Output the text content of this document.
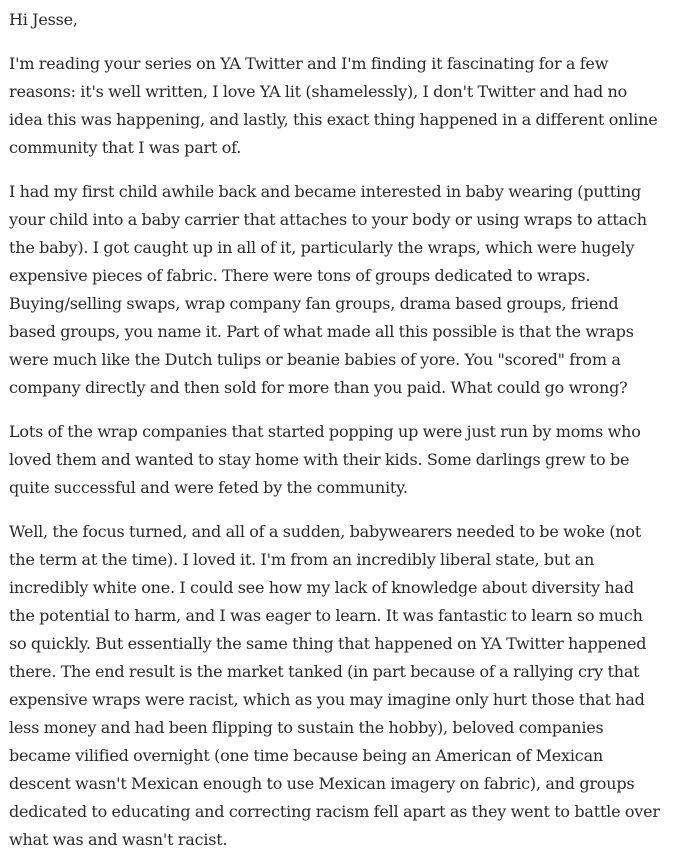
Hi Jesse,

I'm reading your series on YA Twitter and I'm finding it fascinating for a few reasons: it's well written, I love YA lit (shamelessly), I don't Twitter and had no idea this was happening, and lastly, this exact thing happened in a different online community that I was part of.

I had my first child awhile back and became interested in baby wearing (putting your child into a baby carrier that attaches to your body or using wraps to attach the baby). I got caught up in all of it, particularly the wraps, which were hugely expensive pieces of fabric. There were tons of groups dedicated to wraps. Buying/selling swaps, wrap company fan groups, drama based groups, friend based groups, you name it. Part of what made all this possible is that the wraps were much like the Dutch tulips or beanie babies of yore. You "scored" from a company directly and then sold for more than you paid. What could go wrong?

Lots of the wrap companies that started popping up were just run by moms who loved them and wanted to stay home with their kids. Some darlings grew to be quite successful and were feted by the community.

Well, the focus turned, and all of a sudden, babywearers needed to be woke (not the term at the time). I loved it. I'm from an incredibly liberal state, but an incredibly white one. I could see how my lack of knowledge about diversity had the potential to harm, and I was eager to learn. It was fantastic to learn so much so quickly. But essentially the same thing that happened on YA Twitter happened there. The end result is the market tanked (in part because of a rallying cry that expensive wraps were racist, which as you may imagine only hurt those that had less money and had been flipping to sustain the hobby), beloved companies became vilified overnight (one time because being an American of Mexican descent wasn't Mexican enough to use Mexican imagery on fabric), and groups dedicated to educating and correcting racism fell apart as they went to battle over what was and wasn't racist.
